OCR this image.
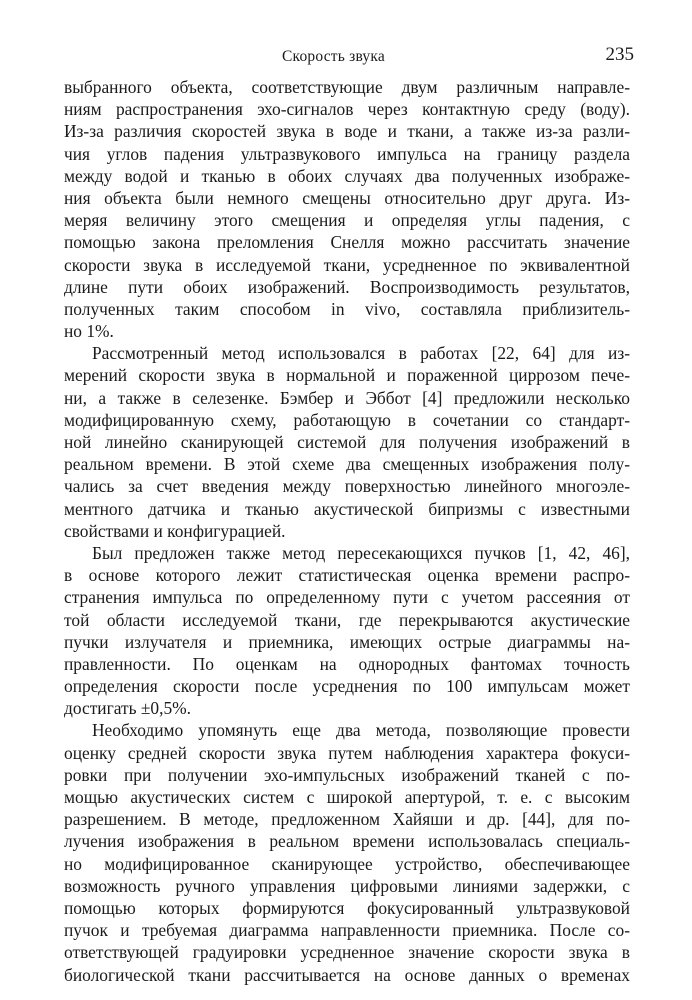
Скорость звука	235
выбранного объекта, соответствующие двум различным направле-
ниям распространения эхо-сигналов через контактную среду (воду).
Из-за различия скоростей звука в воде и ткани, а также из-за разли-
чия углов падения ультразвукового импульса на границу раздела
между водой и тканью в обоих случаях два полученных изображе-
ния объекта были немного смещены относительно друг друга. Из-
меряя величину этого смещения и определяя углы падения, с
помощью закона преломления Снелля можно рассчитать значение
скорости звука в исследуемой ткани, усредненное по эквивалентной
длине пути обоих изображений. Воспроизводимость результатов,
полученных таким способом in vivo, составляла приблизитель-
но 1%.
Рассмотренный метод использовался в работах [22, 64] для из-
мерений скорости звука в нормальной и пораженной циррозом пече-
ни, а также в селезенке. Бэмбер и Эббот [4] предложили несколько
модифицированную схему, работающую в сочетании со стандарт-
ной линейно сканирующей системой для получения изображений в
реальном времени. В этой схеме два смещенных изображения полу-
чались за счет введения между поверхностью линейного многоэле-
ментного датчика и тканью акустической бипризмы с известными
свойствами и конфигурацией.
Был предложен также метод пересекающихся пучков [1, 42, 46],
в основе которого лежит статистическая оценка времени распро-
странения импульса по определенному пути с учетом рассеяния от
той области исследуемой ткани, где перекрываются акустические
пучки излучателя и приемника, имеющих острые диаграммы на-
правленности. По оценкам на однородных фантомах точность
определения скорости после усреднения по 100 импульсам может
достигать ±0,5%.
Необходимо упомянуть еще два метода, позволяющие провести
оценку средней скорости звука путем наблюдения характера фокуси-
ровки при получении эхо-импульсных изображений тканей с по-
мощью акустических систем с широкой апертурой, т. е. с высоким
разрешением. В методе, предложенном Хайяши и др. [44], для по-
лучения изображения в реальном времени использовалась специаль-
но модифицированное сканирующее устройство, обеспечивающее
возможность ручного управления цифровыми линиями задержки, с
помощью которых формируются фокусированный ультразвуковой
пучок и требуемая диаграмма направленности приемника. После со-
ответствующей градуировки усредненное значение скорости звука в
биологической ткани рассчитывается на основе данных о временах
